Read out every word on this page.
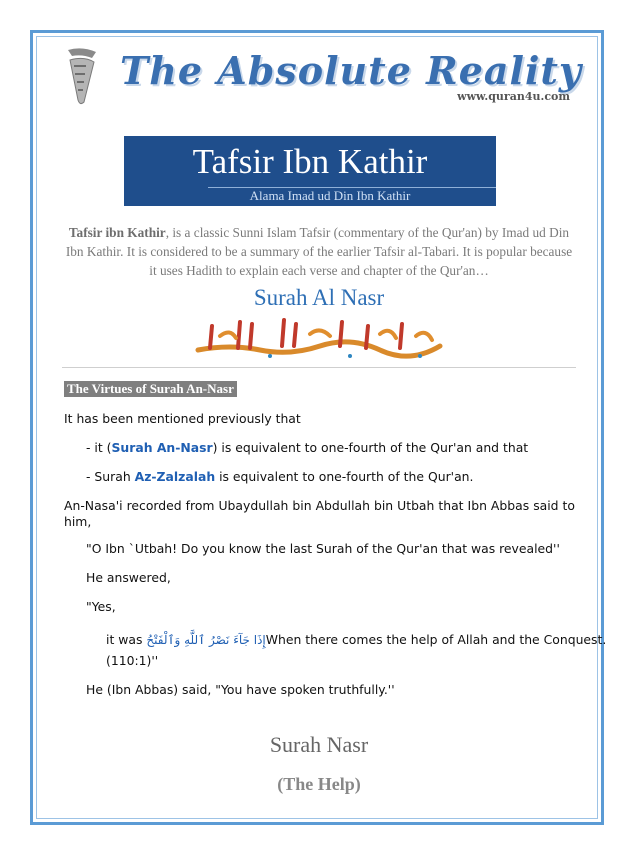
The Absolute Reality
www.quran4u.com
Tafsir Ibn Kathir
Alama Imad ud Din Ibn Kathir
Tafsir ibn Kathir, is a classic Sunni Islam Tafsir (commentary of the Qur'an) by Imad ud Din Ibn Kathir. It is considered to be a summary of the earlier Tafsir al-Tabari. It is popular because it uses Hadith to explain each verse and chapter of the Qur'an…
Surah Al Nasr
The Virtues of Surah An-Nasr
It has been mentioned previously that
- it (Surah An-Nasr) is equivalent to one-fourth of the Qur'an and that
- Surah Az-Zalzalah is equivalent to one-fourth of the Qur'an.
An-Nasa'i recorded from Ubaydullah bin Abdullah bin Utbah that Ibn Abbas said to him,
"O Ibn `Utbah! Do you know the last Surah of the Qur'an that was revealed''
He answered,
"Yes,
it was إِذَا جَآءَ نَصْرُ ٱللَّهِ وَٱلْفَتْحُWhen there comes the help of Allah and the Conquest.
(110:1)''
He (Ibn Abbas) said, "You have spoken truthfully.''
Surah Nasr
(The Help)
